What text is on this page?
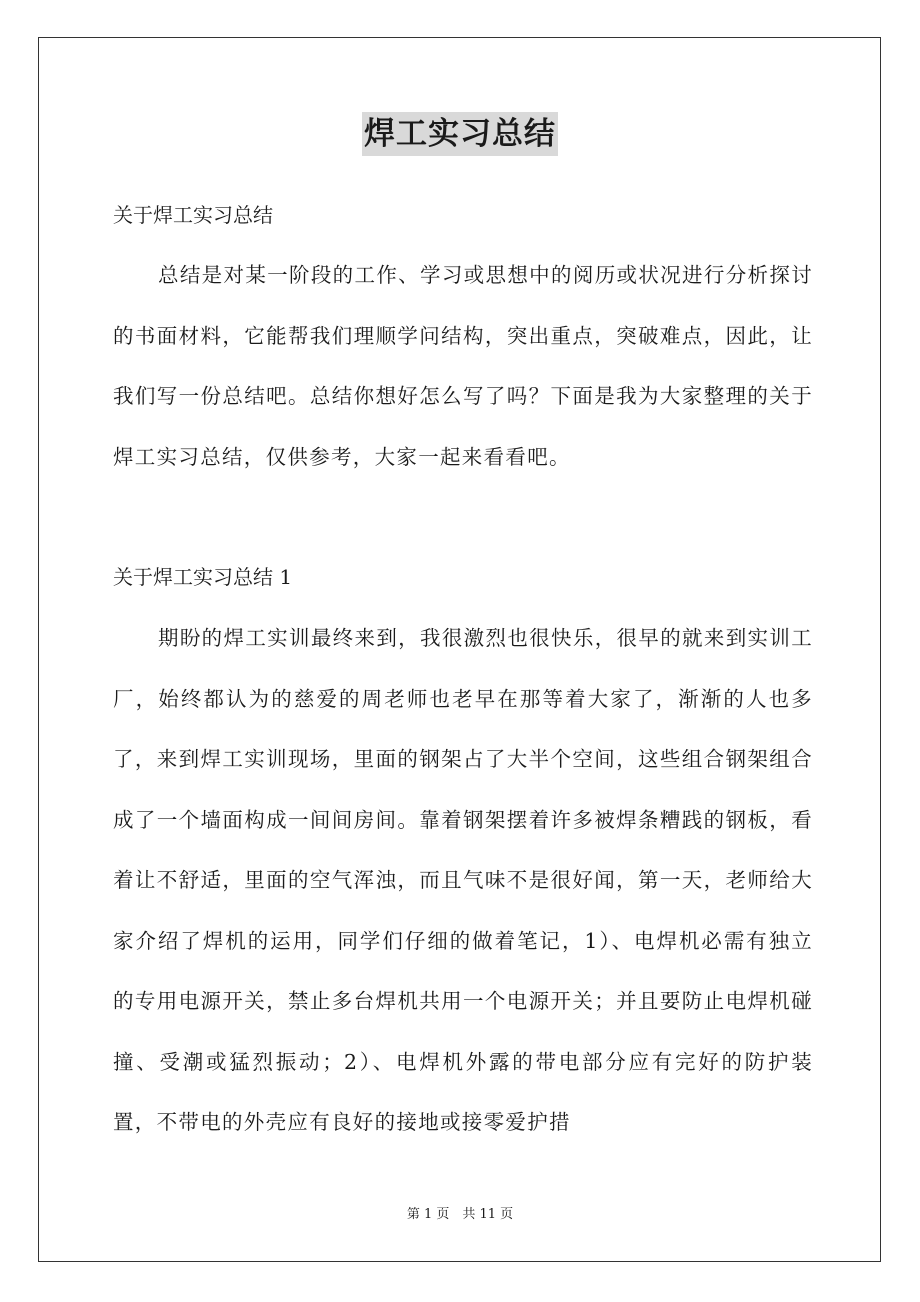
焊工实习总结
关于焊工实习总结

总结是对某一阶段的工作、学习或思想中的阅历或状况进行分析探讨的书面材料，它能帮我们理顺学问结构，突出重点，突破难点，因此，让我们写一份总结吧。总结你想好怎么写了吗？下面是我为大家整理的关于焊工实习总结，仅供参考，大家一起来看看吧。

关于焊工实习总结 1

期盼的焊工实训最终来到，我很激烈也很快乐，很早的就来到实训工厂，始终都认为的慈爱的周老师也老早在那等着大家了，渐渐的人也多了，来到焊工实训现场，里面的钢架占了大半个空间，这些组合钢架组合成了一个墙面构成一间间房间。靠着钢架摆着许多被焊条糟践的钢板，看着让不舒适，里面的空气浑浊，而且气味不是很好闻，第一天，老师给大家介绍了焊机的运用，同学们仔细的做着笔记，1）、电焊机必需有独立的专用电源开关，禁止多台焊机共用一个电源开关；并且要防止电焊机碰撞、受潮或猛烈振动；2）、电焊机外露的带电部分应有完好的防护装置，不带电的外壳应有良好的接地或接零爱护措

第 1 页　共 11 页
